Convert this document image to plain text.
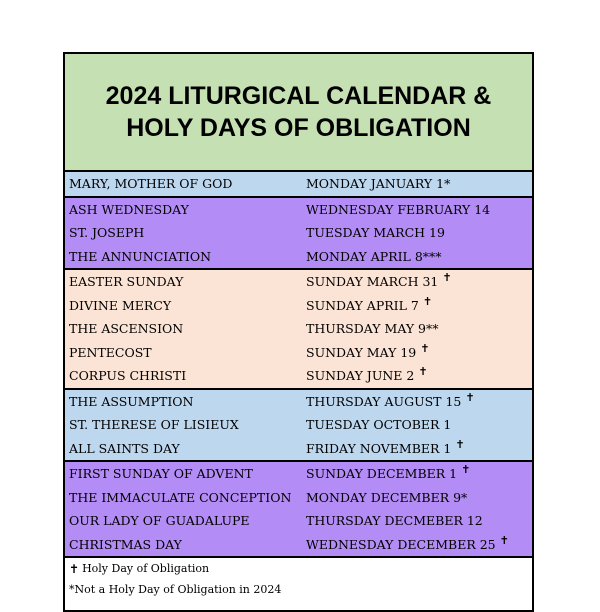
2024 LITURGICAL CALENDAR &
HOLY DAYS OF OBLIGATION
MARY, MOTHER OF GOD	MONDAY JANUARY 1*
ASH WEDNESDAY	WEDNESDAY FEBRUARY 14
ST. JOSEPH	TUESDAY MARCH 19
THE ANNUNCIATION	MONDAY APRIL 8***
EASTER SUNDAY	SUNDAY MARCH 31 ✝
DIVINE MERCY	SUNDAY APRIL 7 ✝
THE ASCENSION	THURSDAY MAY 9**
PENTECOST	SUNDAY MAY 19 ✝
CORPUS CHRISTI	SUNDAY JUNE 2 ✝
THE ASSUMPTION	THURSDAY AUGUST 15 ✝
ST. THERESE OF LISIEUX	TUESDAY OCTOBER 1
ALL SAINTS DAY	FRIDAY NOVEMBER 1 ✝
FIRST SUNDAY OF ADVENT	SUNDAY DECEMBER 1 ✝
THE IMMACULATE CONCEPTION	MONDAY DECEMBER 9*
OUR LADY OF GUADALUPE	THURSDAY DECMEBER 12
CHRISTMAS DAY	WEDNESDAY DECEMBER 25 ✝
✝ Holy Day of Obligation
*Not a Holy Day of Obligation in 2024
